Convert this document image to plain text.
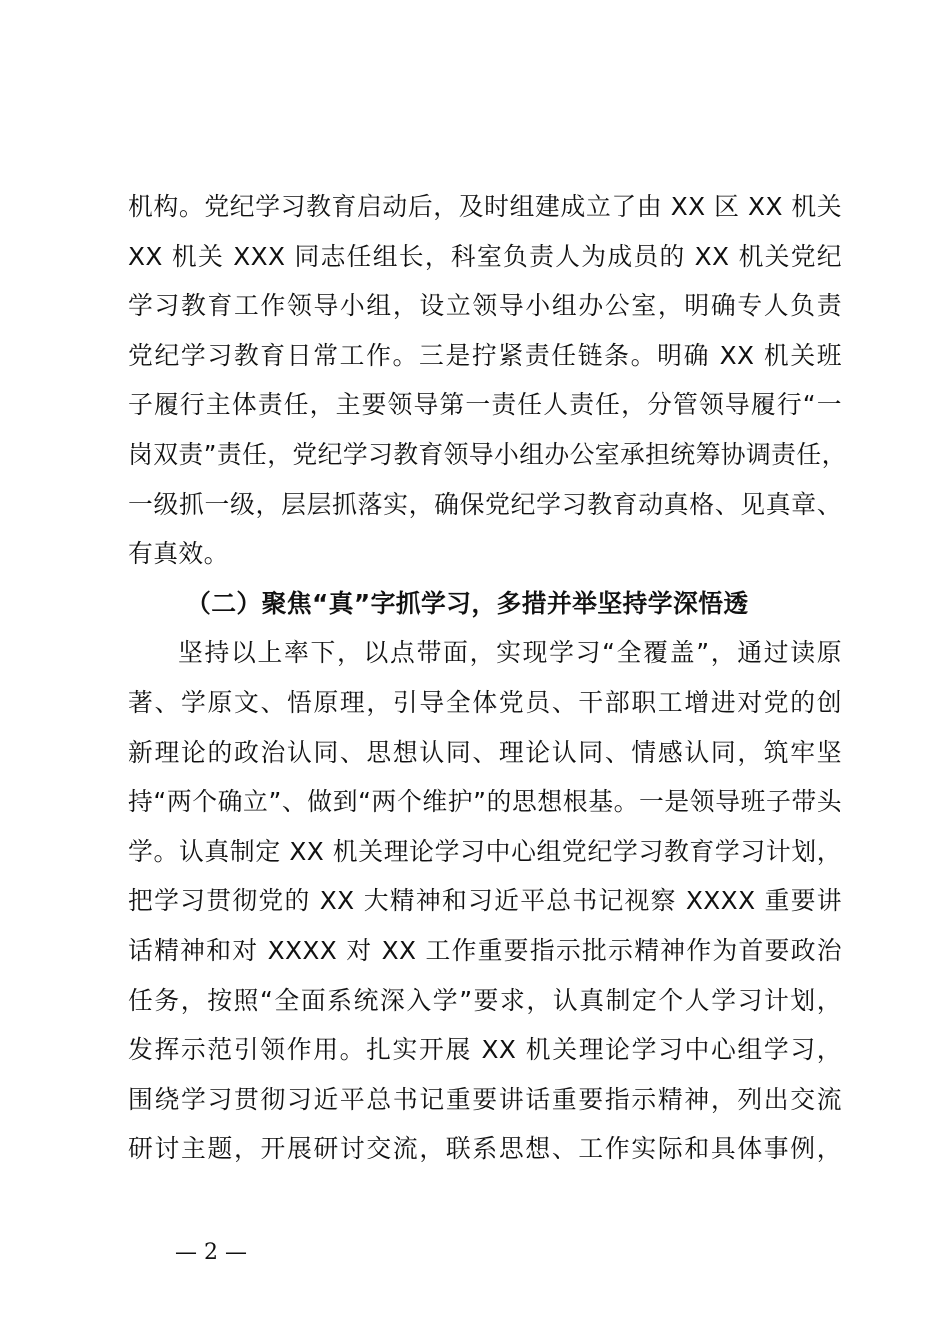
机构。党纪学习教育启动后，及时组建成立了由 XX 区 XX 机关
XX 机关 XXX 同志任组长，科室负责人为成员的 XX 机关党纪
学习教育工作领导小组，设立领导小组办公室，明确专人负责
党纪学习教育日常工作。三是拧紧责任链条。明确 XX 机关班
子履行主体责任，主要领导第一责任人责任，分管领导履行“一
岗双责”责任，党纪学习教育领导小组办公室承担统筹协调责任，
一级抓一级，层层抓落实，确保党纪学习教育动真格、见真章、
有真效。
（二）聚焦“真”字抓学习，多措并举坚持学深悟透
坚持以上率下，以点带面，实现学习“全覆盖”，通过读原
著、学原文、悟原理，引导全体党员、干部职工增进对党的创
新理论的政治认同、思想认同、理论认同、情感认同，筑牢坚
持“两个确立”、做到“两个维护”的思想根基。一是领导班子带头
学。认真制定 XX 机关理论学习中心组党纪学习教育学习计划，
把学习贯彻党的 XX 大精神和习近平总书记视察 XXXX 重要讲
话精神和对 XXXX 对 XX 工作重要指示批示精神作为首要政治
任务，按照“全面系统深入学”要求，认真制定个人学习计划，
发挥示范引领作用。扎实开展 XX 机关理论学习中心组学习，
围绕学习贯彻习近平总书记重要讲话重要指示精神，列出交流
研讨主题，开展研讨交流，联系思想、工作实际和具体事例，
— 2 —
